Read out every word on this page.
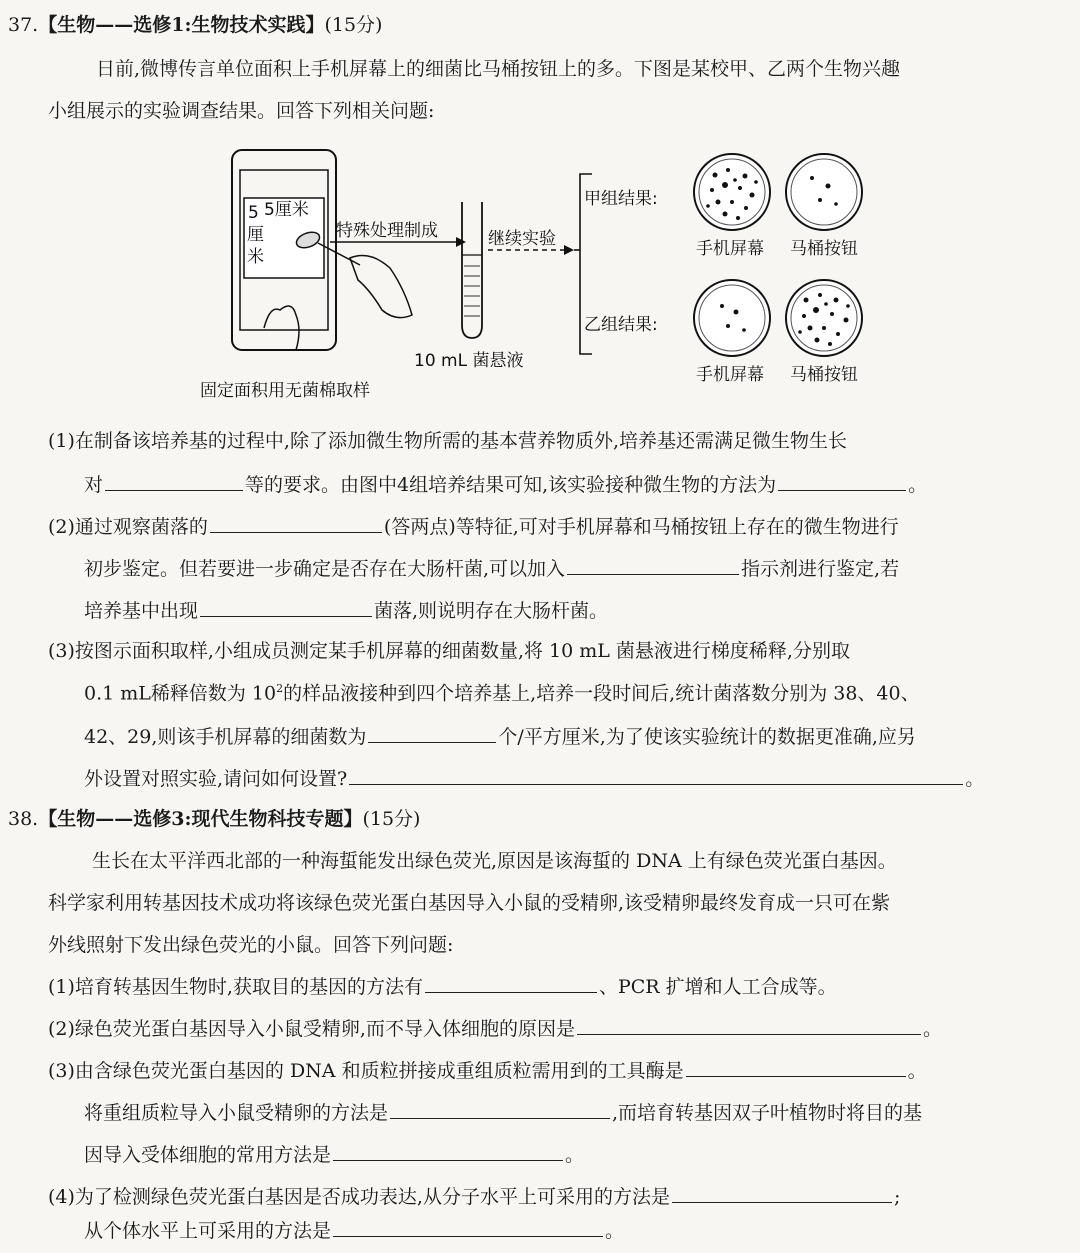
37.【生物——选修1:生物技术实践】(15分)
日前,微博传言单位面积上手机屏幕上的细菌比马桶按钮上的多。下图是某校甲、乙两个生物兴趣
小组展示的实验调查结果。回答下列相关问题:
5厘米
5
厘
米
固定面积用无菌棉取样
特殊处理制成
10 mL 菌悬液
继续实验
甲组结果:
乙组结果:
手机屏幕 马桶按钮
手机屏幕 马桶按钮
(1)在制备该培养基的过程中,除了添加微生物所需的基本营养物质外,培养基还需满足微生物生长
对	等的要求。由图中4组培养结果可知,该实验接种微生物的方法为	。
(2)通过观察菌落的	(答两点)等特征,可对手机屏幕和马桶按钮上存在的微生物进行
初步鉴定。但若要进一步确定是否存在大肠杆菌,可以加入	指示剂进行鉴定,若
培养基中出现	菌落,则说明存在大肠杆菌。
(3)按图示面积取样,小组成员测定某手机屏幕的细菌数量,将 10 mL 菌悬液进行梯度稀释,分别取
0.1 mL稀释倍数为 $10^2$的样品液接种到四个培养基上,培养一段时间后,统计菌落数分别为 38、40、
42、29,则该手机屏幕的细菌数为	个/平方厘米,为了使该实验统计的数据更准确,应另
外设置对照实验,请问如何设置?	。
38.【生物——选修3:现代生物科技专题】(15分)
生长在太平洋西北部的一种海蜇能发出绿色荧光,原因是该海蜇的 DNA 上有绿色荧光蛋白基因。
科学家利用转基因技术成功将该绿色荧光蛋白基因导入小鼠的受精卵,该受精卵最终发育成一只可在紫
外线照射下发出绿色荧光的小鼠。回答下列问题:
(1)培育转基因生物时,获取目的基因的方法有	、PCR 扩增和人工合成等。
(2)绿色荧光蛋白基因导入小鼠受精卵,而不导入体细胞的原因是	。
(3)由含绿色荧光蛋白基因的 DNA 和质粒拼接成重组质粒需用到的工具酶是	。
将重组质粒导入小鼠受精卵的方法是	,而培育转基因双子叶植物时将目的基
因导入受体细胞的常用方法是	。
(4)为了检测绿色荧光蛋白基因是否成功表达,从分子水平上可采用的方法是	;
从个体水平上可采用的方法是	。
